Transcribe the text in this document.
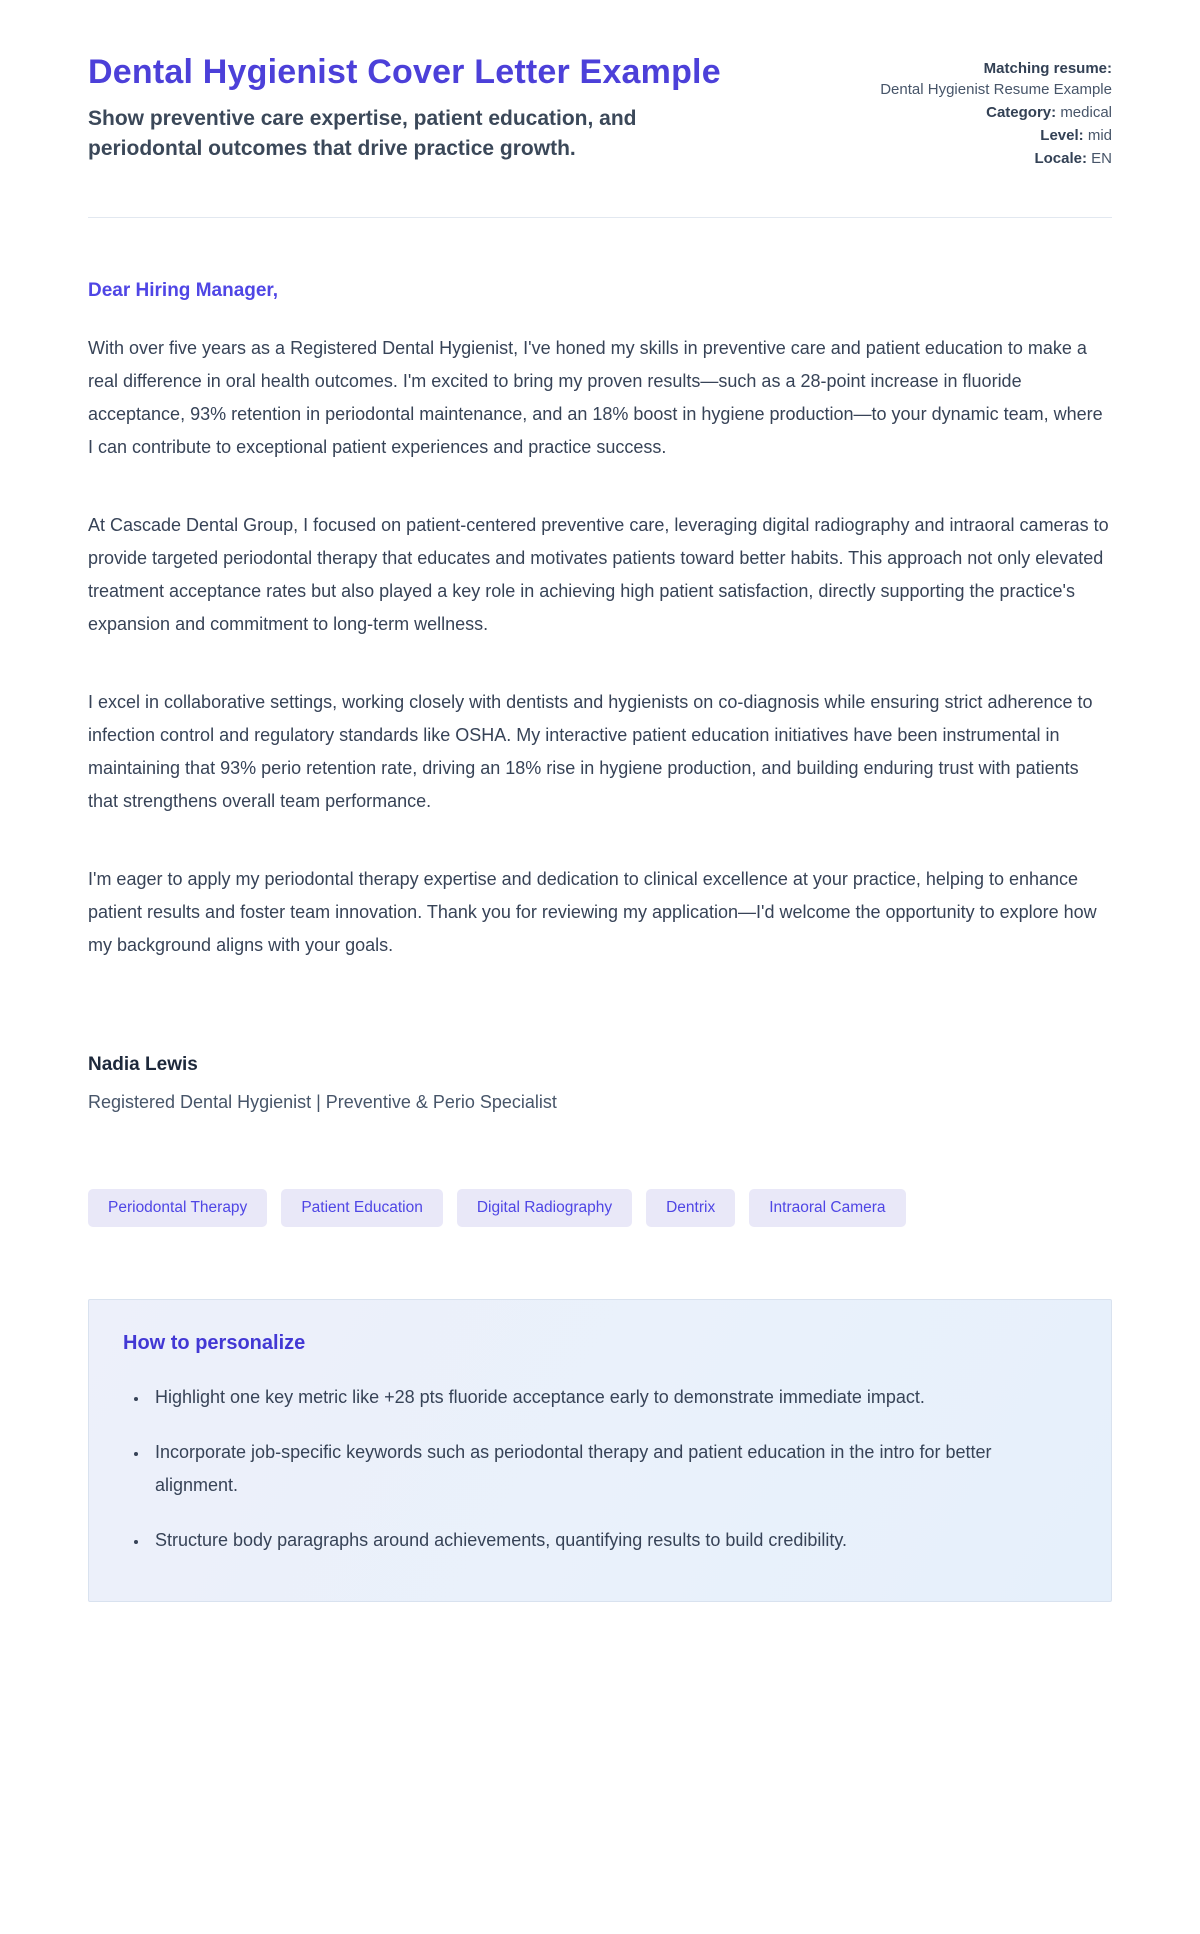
Dental Hygienist Cover Letter Example

Show preventive care expertise, patient education, and periodontal outcomes that drive practice growth.

Matching resume:
Dental Hygienist Resume Example
Category: medical
Level: mid
Locale: EN

Dear Hiring Manager,

With over five years as a Registered Dental Hygienist, I've honed my skills in preventive care and patient education to make a real difference in oral health outcomes. I'm excited to bring my proven results—such as a 28-point increase in fluoride acceptance, 93% retention in periodontal maintenance, and an 18% boost in hygiene production—to your dynamic team, where I can contribute to exceptional patient experiences and practice success.

At Cascade Dental Group, I focused on patient-centered preventive care, leveraging digital radiography and intraoral cameras to provide targeted periodontal therapy that educates and motivates patients toward better habits. This approach not only elevated treatment acceptance rates but also played a key role in achieving high patient satisfaction, directly supporting the practice's expansion and commitment to long-term wellness.

I excel in collaborative settings, working closely with dentists and hygienists on co-diagnosis while ensuring strict adherence to infection control and regulatory standards like OSHA. My interactive patient education initiatives have been instrumental in maintaining that 93% perio retention rate, driving an 18% rise in hygiene production, and building enduring trust with patients that strengthens overall team performance.

I'm eager to apply my periodontal therapy expertise and dedication to clinical excellence at your practice, helping to enhance patient results and foster team innovation. Thank you for reviewing my application—I'd welcome the opportunity to explore how my background aligns with your goals.

Nadia Lewis

Registered Dental Hygienist | Preventive & Perio Specialist

Periodontal Therapy	Patient Education	Digital Radiography	Dentrix	Intraoral Camera
How to personalize
• Highlight one key metric like +28 pts fluoride acceptance early to demonstrate immediate impact.
• Incorporate job-specific keywords such as periodontal therapy and patient education in the intro for better alignment.
• Structure body paragraphs around achievements, quantifying results to build credibility.
